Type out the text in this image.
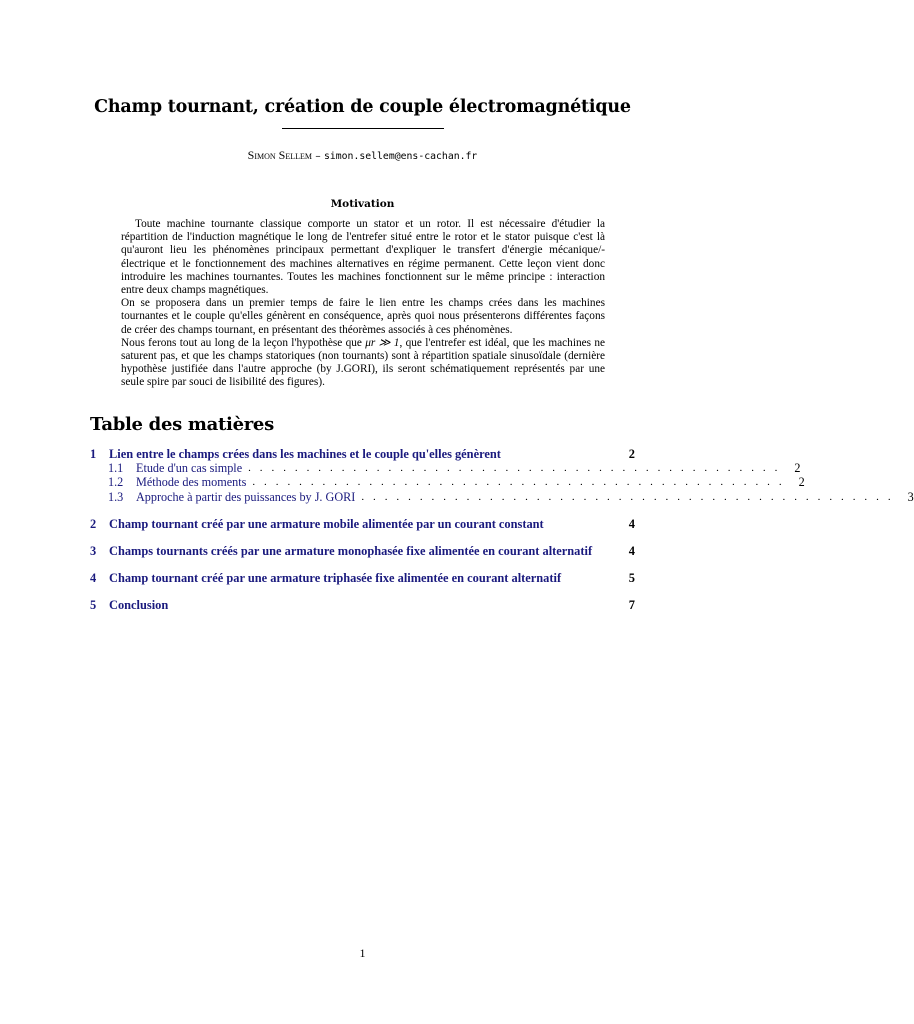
Champ tournant, création de couple électromagnétique
Simon Sellem – simon.sellem@ens-cachan.fr
Motivation

Toute machine tournante classique comporte un stator et un rotor. Il est nécessaire d'étudier la répartition de l'induction magnétique le long de l'entrefer situé entre le rotor et le stator puisque c'est là qu'auront lieu les phénomènes principaux permettant d'expliquer le transfert d'énergie mécanique/-électrique et le fonctionnement des machines alternatives en régime permanent. Cette leçon vient donc introduire les machines tournantes. Toutes les machines fonctionnent sur le même principe : interaction entre deux champs magnétiques.

On se proposera dans un premier temps de faire le lien entre les champs crées dans les machines tournantes et le couple qu'elles génèrent en conséquence, après quoi nous présenterons différentes façons de créer des champs tournant, en présentant des théorèmes associés à ces phénomènes.

Nous ferons tout au long de la leçon l'hypothèse que μr ≫ 1, que l'entrefer est idéal, que les machines ne saturent pas, et que les champs statoriques (non tournants) sont à répartition spatiale sinusoïdale (dernière hypothèse justifiée dans l'autre approche (by J.GORI), ils seront schématiquement représentés par une seule spire par souci de lisibilité des figures).

Table des matières
1	Lien entre le champs crées dans les machines et le couple qu'elles génèrent	2
1.1	Etude d'un cas simple . . . . . . . . . . . . . . . . . . . . . . . . . . . . . . . . . . . . . . . . . . . . . .	2
1.2	Méthode des moments . . . . . . . . . . . . . . . . . . . . . . . . . . . . . . . . . . . . . . . . . . . . . .	2
1.3	Approche à partir des puissances by J. GORI . . . . . . . . . . . . . . . . . . . . . . . . . . . . . . . . . . . . . . . . . . . . . .	3
2	Champ tournant créé par une armature mobile alimentée par un courant constant	4
3	Champs tournants créés par une armature monophasée fixe alimentée en courant alternatif	4
4	Champ tournant créé par une armature triphasée fixe alimentée en courant alternatif	5
5	Conclusion	7
1
